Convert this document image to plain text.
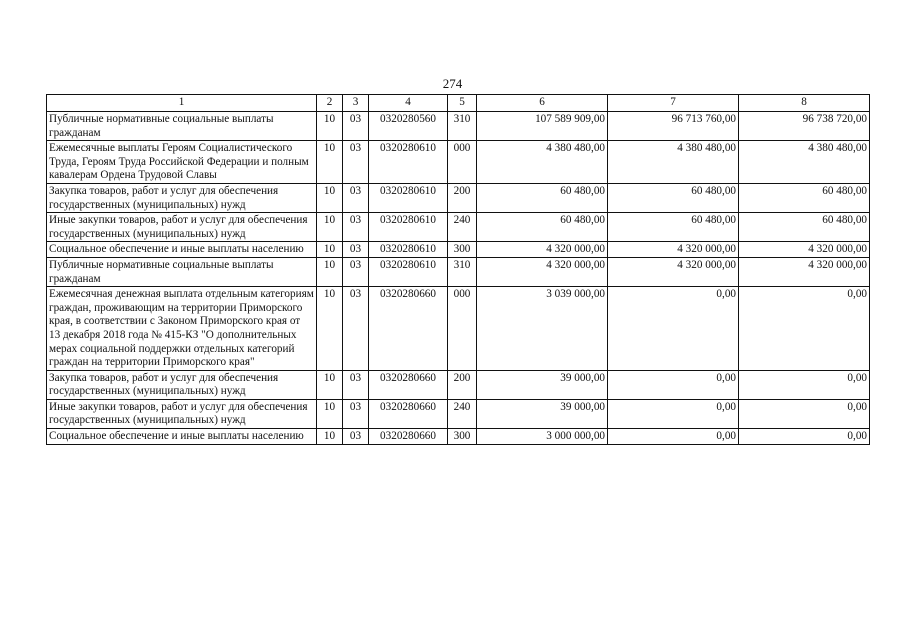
274
1	2	3	4	5	6	7	8
Публичные нормативные социальные выплаты гражданам	10	03	0320280560	310	107 589 909,00	96 713 760,00	96 738 720,00
Ежемесячные выплаты Героям Социалистического Труда, Героям Труда Российской Федерации и полным кавалерам Ордена Трудовой Славы	10	03	0320280610	000	4 380 480,00	4 380 480,00	4 380 480,00
Закупка товаров, работ и услуг для обеспечения государственных (муниципальных) нужд	10	03	0320280610	200	60 480,00	60 480,00	60 480,00
Иные закупки товаров, работ и услуг для обеспечения государственных (муниципальных) нужд	10	03	0320280610	240	60 480,00	60 480,00	60 480,00
Социальное обеспечение и иные выплаты населению	10	03	0320280610	300	4 320 000,00	4 320 000,00	4 320 000,00
Публичные нормативные социальные выплаты гражданам	10	03	0320280610	310	4 320 000,00	4 320 000,00	4 320 000,00
Ежемесячная денежная выплата отдельным категориям граждан, проживающим на территории Приморского края, в соответствии с Законом Приморского края от 13 декабря 2018 года № 415-КЗ "О дополнительных мерах социальной поддержки отдельных категорий граждан на территории Приморского края"	10	03	0320280660	000	3 039 000,00	0,00	0,00
Закупка товаров, работ и услуг для обеспечения государственных (муниципальных) нужд	10	03	0320280660	200	39 000,00	0,00	0,00
Иные закупки товаров, работ и услуг для обеспечения государственных (муниципальных) нужд	10	03	0320280660	240	39 000,00	0,00	0,00
Социальное обеспечение и иные выплаты населению	10	03	0320280660	300	3 000 000,00	0,00	0,00
